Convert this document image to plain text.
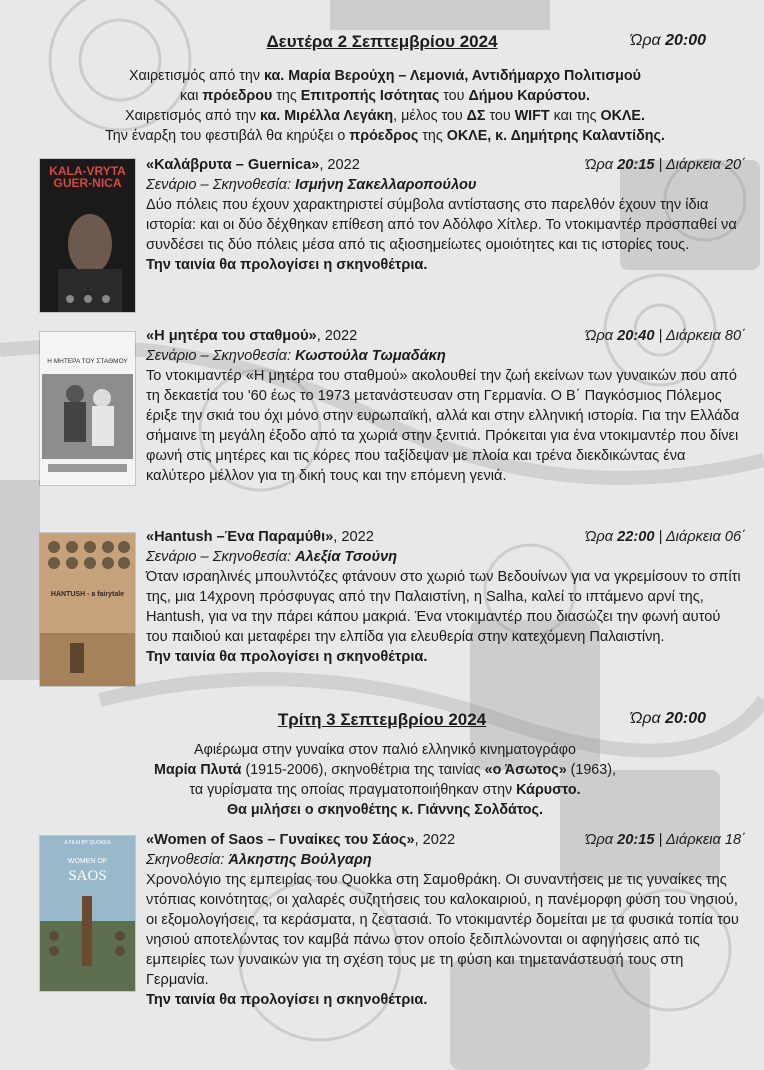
Δευτέρα 2 Σεπτεμβρίου 2024	Ώρα 20:00
Χαιρετισμός από την κα. Μαρία Βερούχη – Λεμονιά, Αντιδήμαρχο Πολιτισμού
και πρόεδρου της Επιτροπής Ισότητας του Δήμου Καρύστου.
Χαιρετισμός από την κα. Μιρέλλα Λεγάκη, μέλος του ΔΣ του WIFT και της ΟΚΛΕ.
Την έναρξη του φεστιβάλ θα κηρύξει ο πρόεδρος της ΟΚΛΕ, κ. Δημήτρης Καλαντίδης.
KALA-VRYTA GUER-NICA
«Καλάβρυτα – Guernica», 2022	Ώρα 20:15 | Διάρκεια 20΄
Σενάριο – Σκηνοθεσία: Ισμήνη Σακελλαροπούλου
Δύο πόλεις που έχουν χαρακτηριστεί σύμβολα αντίστασης στο παρελθόν έχουν την ίδια ιστορία: και οι δύο δέχθηκαν επίθεση από τον Αδόλφο Χίτλερ. Το ντοκιμαντέρ προσπαθεί να συνδέσει τις δύο πόλεις μέσα από τις αξιοσημείωτες ομοιότητες και τις ιστορίες τους.
Την ταινία θα προλογίσει η σκηνοθέτρια.
Η ΜΗΤΕΡΑ ΤΟΥ ΣΤΑΘΜΟΥ
«Η μητέρα του σταθμού», 2022	Ώρα 20:40 | Διάρκεια 80΄
Σενάριο – Σκηνοθεσία: Κωστούλα Τωμαδάκη
Το ντοκιμαντέρ «Η μητέρα του σταθμού» ακολουθεί την ζωή εκείνων των γυναικών που από τη δεκαετία του '60 έως το 1973 μετανάστευσαν στη Γερμανία. Ο Β΄ Παγκόσμιος Πόλεμος έριξε την σκιά του όχι μόνο στην ευρωπαϊκή, αλλά και στην ελληνική ιστορία. Για την Ελλάδα σήμαινε τη μεγάλη έξοδο από τα χωριά στην ξενιτιά. Πρόκειται για ένα ντοκιμαντέρ που δίνει φωνή στις μητέρες και τις κόρες που ταξίδεψαν με πλοία και τρένα διεκδικώντας ένα καλύτερο μέλλον για τη δική τους και την επόμενη γενιά.
HANTUSH - a fairytale
«Hantush –Ένα Παραμύθι», 2022	Ώρα 22:00 | Διάρκεια 06΄
Σενάριο – Σκηνοθεσία: Αλεξία Τσούνη
Όταν ισραηλινές μπουλντόζες φτάνουν στο χωριό των Βεδουίνων για να γκρεμίσουν το σπίτι της, μια 14χρονη πρόσφυγας από την Παλαιστίνη, η Salha, καλεί το ιπτάμενο αρνί της, Hantush, για να την πάρει κάπου μακριά. Ένα ντοκιμαντέρ που διασώζει την φωνή αυτού του παιδιού και μεταφέρει την ελπίδα για ελευθερία στην κατεχόμενη Παλαιστίνη.
Την ταινία θα προλογίσει η σκηνοθέτρια.
Τρίτη 3 Σεπτεμβρίου 2024	Ώρα 20:00
Αφιέρωμα στην γυναίκα στον παλιό ελληνικό κινηματογράφο
Μαρία Πλυτά (1915-2006), σκηνοθέτρια της ταινίας «ο Άσωτος» (1963),
τα γυρίσματα της οποίας πραγματοποιήθηκαν στην Κάρυστο.
Θα μιλήσει ο σκηνοθέτης κ. Γιάννης Σολδάτος.
A FILM BY QUOKKA
WOMEN OF
SAOS
«Women of Saos – Γυναίκες του Σάος», 2022	Ώρα 20:15 | Διάρκεια 18΄
Σκηνοθεσία: Άλκηστης Βούλγαρη
Χρονολόγιο της εμπειρίας του Quokka στη Σαμοθράκη. Οι συναντήσεις με τις γυναίκες της ντόπιας κοινότητας, οι χαλαρές συζητήσεις του καλοκαιριού, η πανέμορφη φύση του νησιού, οι εξομολογήσεις, τα κεράσματα, η ζεστασιά. Το ντοκιμαντέρ δομείται με τα φυσικά τοπία του νησιού αποτελώντας τον καμβά πάνω στον οποίο ξεδιπλώνονται οι αφηγήσεις από τις εμπειρίες των γυναικών για τη σχέση τους με τη φύση και τημετανάστευσή τους στη Γερμανία.
Την ταινία θα προλογίσει η σκηνοθέτρια.
